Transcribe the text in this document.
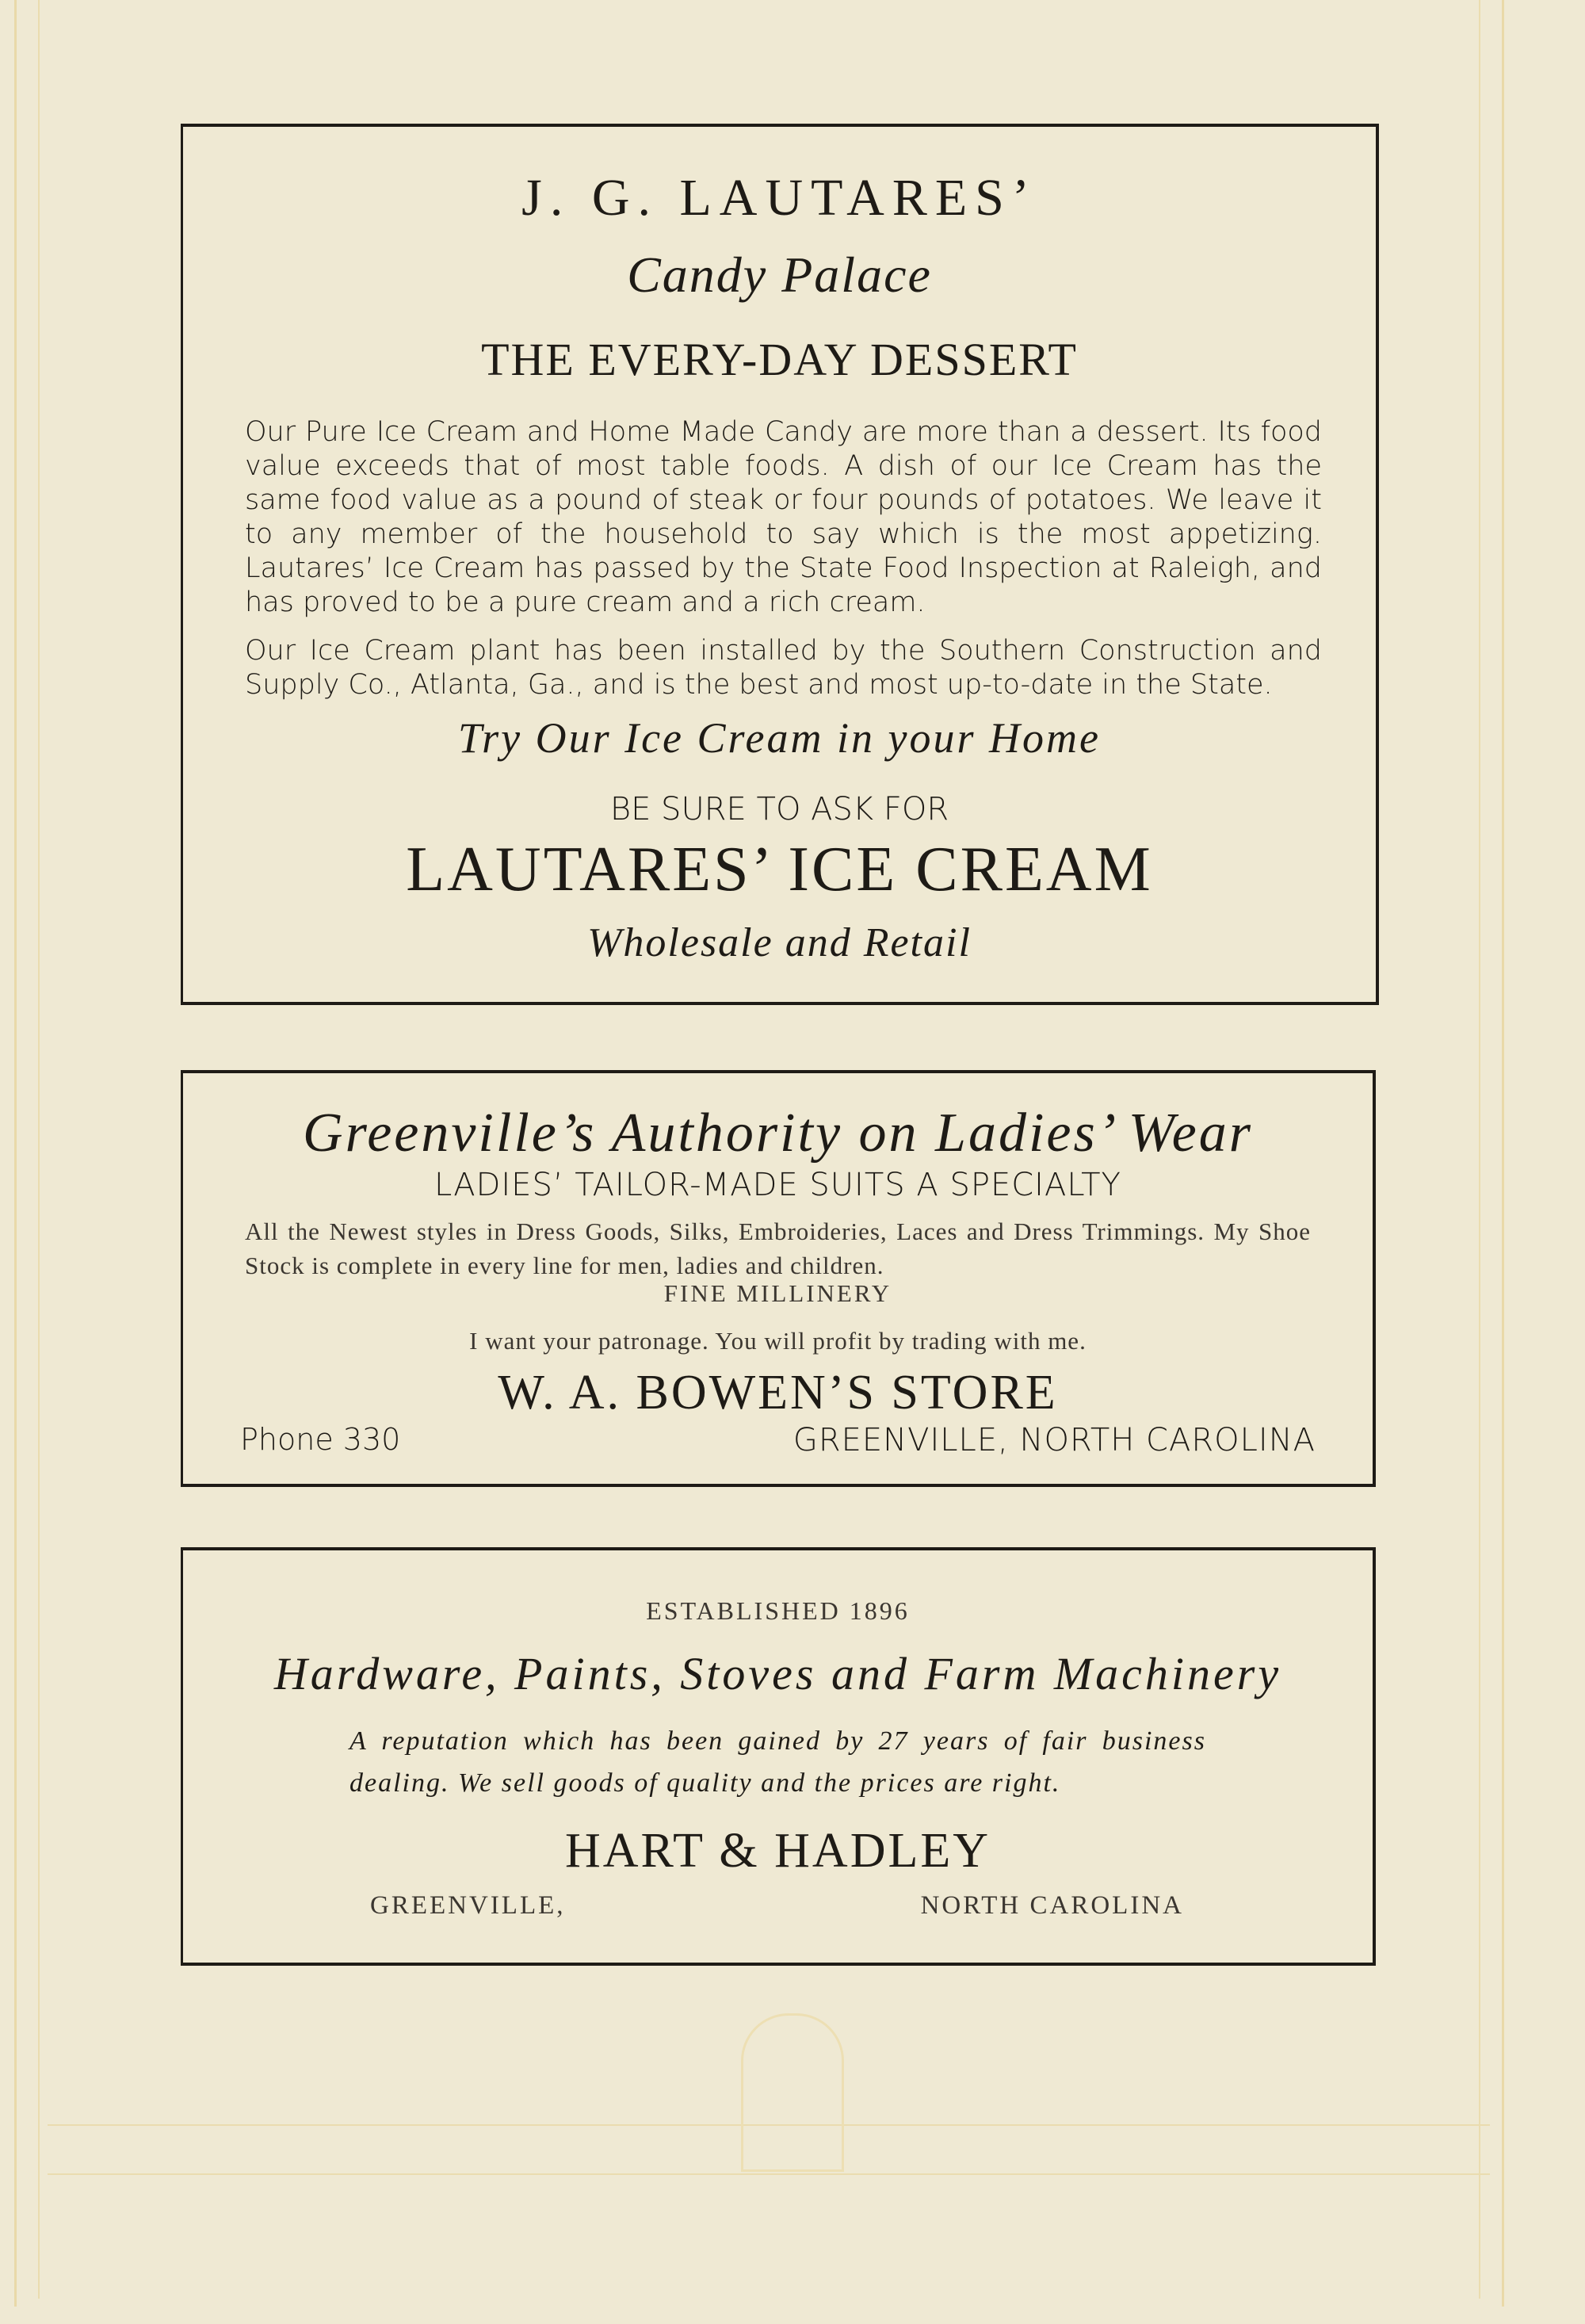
J. G. LAUTARES’

Candy Palace

THE EVERY-DAY DESSERT

Our Pure Ice Cream and Home Made Candy are more than a dessert. Its food value exceeds that of most table foods. A dish of our Ice Cream has the same food value as a pound of steak or four pounds of potatoes. We leave it to any member of the household to say which is the most appetizing. Lautares’ Ice Cream has passed by the State Food Inspection at Raleigh, and has proved to be a pure cream and a rich cream.

Our Ice Cream plant has been installed by the Southern Construction and Supply Co., Atlanta, Ga., and is the best and most up-to-date in the State.

Try Our Ice Cream in your Home

BE SURE TO ASK FOR

LAUTARES’ ICE CREAM

Wholesale and Retail

Greenville’s Authority on Ladies’ Wear

LADIES’ TAILOR-MADE SUITS A SPECIALTY

All the Newest styles in Dress Goods, Silks, Embroideries, Laces and Dress Trimmings. My Shoe Stock is complete in every line for men, ladies and children.

FINE MILLINERY

I want your patronage. You will profit by trading with me.

W. A. BOWEN’S STORE

Phone 330	GREENVILLE, NORTH CAROLINA

ESTABLISHED 1896

Hardware, Paints, Stoves and Farm Machinery

A reputation which has been gained by 27 years of fair business dealing. We sell goods of quality and the prices are right.

HART & HADLEY

GREENVILLE,	NORTH CAROLINA
